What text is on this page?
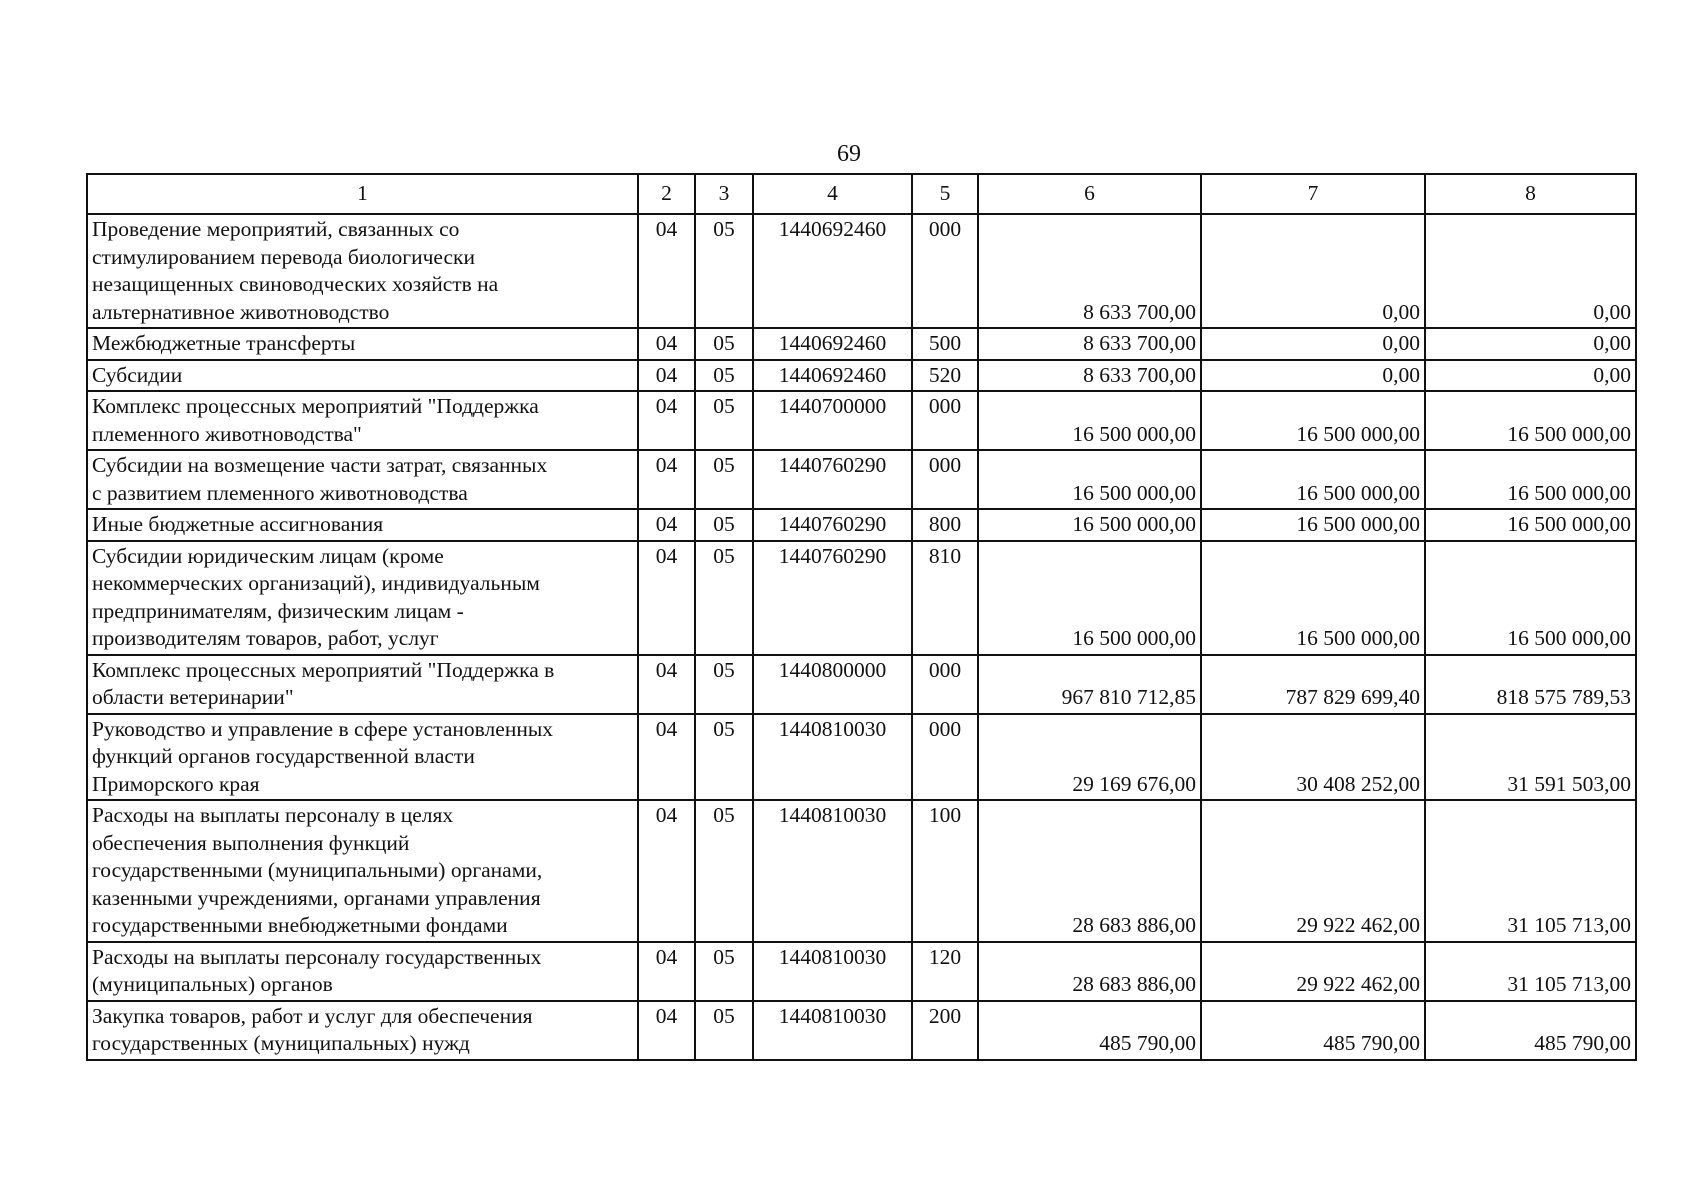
69
1	2	3	4	5	6	7	8

Проведение мероприятий, связанных со
стимулированием перевода биологически
незащищенных свиноводческих хозяйств на
альтернативное животноводство	04	05	1440692460	000	8 633 700,00	0,00	0,00

Межбюджетные трансферты	04	05	1440692460	500	8 633 700,00	0,00	0,00

Субсидии	04	05	1440692460	520	8 633 700,00	0,00	0,00

Комплекс процессных мероприятий "Поддержка
племенного животноводства"	04	05	1440700000	000	16 500 000,00	16 500 000,00	16 500 000,00

Субсидии на возмещение части затрат, связанных
с развитием племенного животноводства	04	05	1440760290	000	16 500 000,00	16 500 000,00	16 500 000,00

Иные бюджетные ассигнования	04	05	1440760290	800	16 500 000,00	16 500 000,00	16 500 000,00

Субсидии юридическим лицам (кроме
некоммерческих организаций), индивидуальным
предпринимателям, физическим лицам -
производителям товаров, работ, услуг	04	05	1440760290	810	16 500 000,00	16 500 000,00	16 500 000,00

Комплекс процессных мероприятий "Поддержка в
области ветеринарии"	04	05	1440800000	000	967 810 712,85	787 829 699,40	818 575 789,53

Руководство и управление в сфере установленных
функций органов государственной власти
Приморского края	04	05	1440810030	000	29 169 676,00	30 408 252,00	31 591 503,00

Расходы на выплаты персоналу в целях
обеспечения выполнения функций
государственными (муниципальными) органами,
казенными учреждениями, органами управления
государственными внебюджетными фондами	04	05	1440810030	100	28 683 886,00	29 922 462,00	31 105 713,00

Расходы на выплаты персоналу государственных
(муниципальных) органов	04	05	1440810030	120	28 683 886,00	29 922 462,00	31 105 713,00

Закупка товаров, работ и услуг для обеспечения
государственных (муниципальных) нужд	04	05	1440810030	200	485 790,00	485 790,00	485 790,00
